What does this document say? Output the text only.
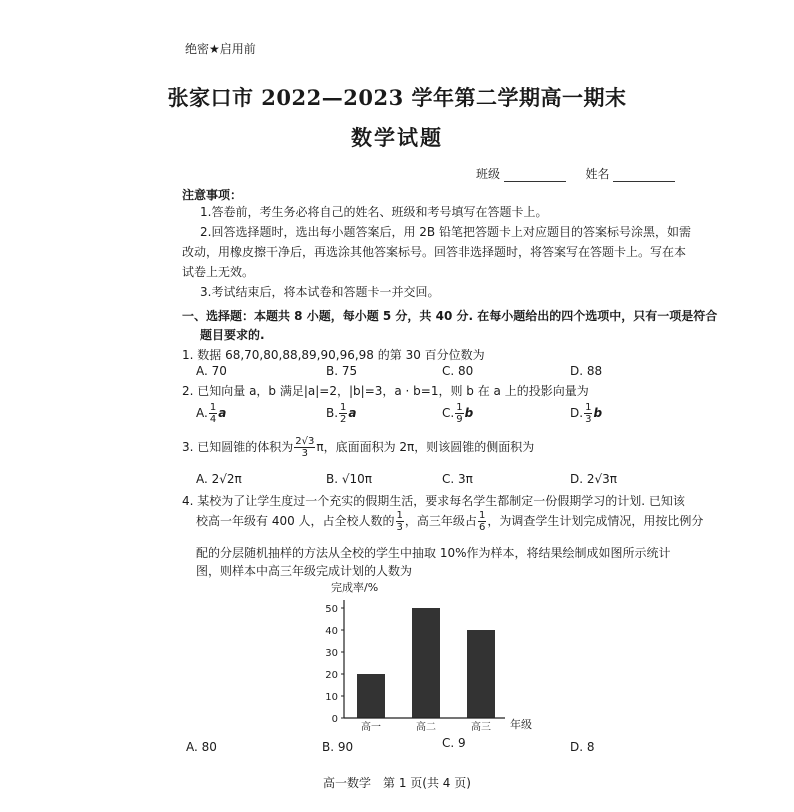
绝密★启用前
张家口市 2022—2023 学年第二学期高一期末
数学试题
班级	姓名
注意事项：
1.答卷前，考生务必将自己的姓名、班级和考号填写在答题卡上。
2.回答选择题时，选出每小题答案后，用 2B 铅笔把答题卡上对应题目的答案标号涂黑，如需
改动，用橡皮擦干净后，再选涂其他答案标号。回答非选择题时，将答案写在答题卡上。写在本
试卷上无效。
3.考试结束后，将本试卷和答题卡一并交回。
一、选择题：本题共 8 小题，每小题 5 分，共 40 分. 在每小题给出的四个选项中，只有一项是符合
题目要求的.
1. 数据 68,70,80,88,89,90,96,98 的第 30 百分位数为
A. 70	B. 75	C. 80	D. 88
2. 已知向量 a，b 满足|a|=2，|b|=3，a · b=1，则 b 在 a 上的投影向量为
A. $\frac{1}{4}$ a	B. $\frac{1}{2}$ a	C. $\frac{1}{9}$ b	D. $\frac{1}{3}$ b
3. 已知圆锥的体积为 $\frac{2√3}{3}$ π，底面面积为 2π，则该圆锥的侧面积为
A. 2√2π	B. √10π	C. 3π	D. 2√3π
4. 某校为了让学生度过一个充实的假期生活，要求每名学生都制定一份假期学习的计划. 已知该
校高一年级有 400 人，占全校人数的 $\frac{1}{3}$ ，高三年级占 $\frac{1}{6}$ ，为调查学生计划完成情况，用按比例分
配的分层随机抽样的方法从全校的学生中抽取 10%作为样本，将结果绘制成如图所示统计
图，则样本中高三年级完成计划的人数为
完成率/%
0
10
20
30
40
50
高一	高二	高三 年级
A. 80	B. 90	C. 9	D. 8
高一数学　第 1 页(共 4 页)
